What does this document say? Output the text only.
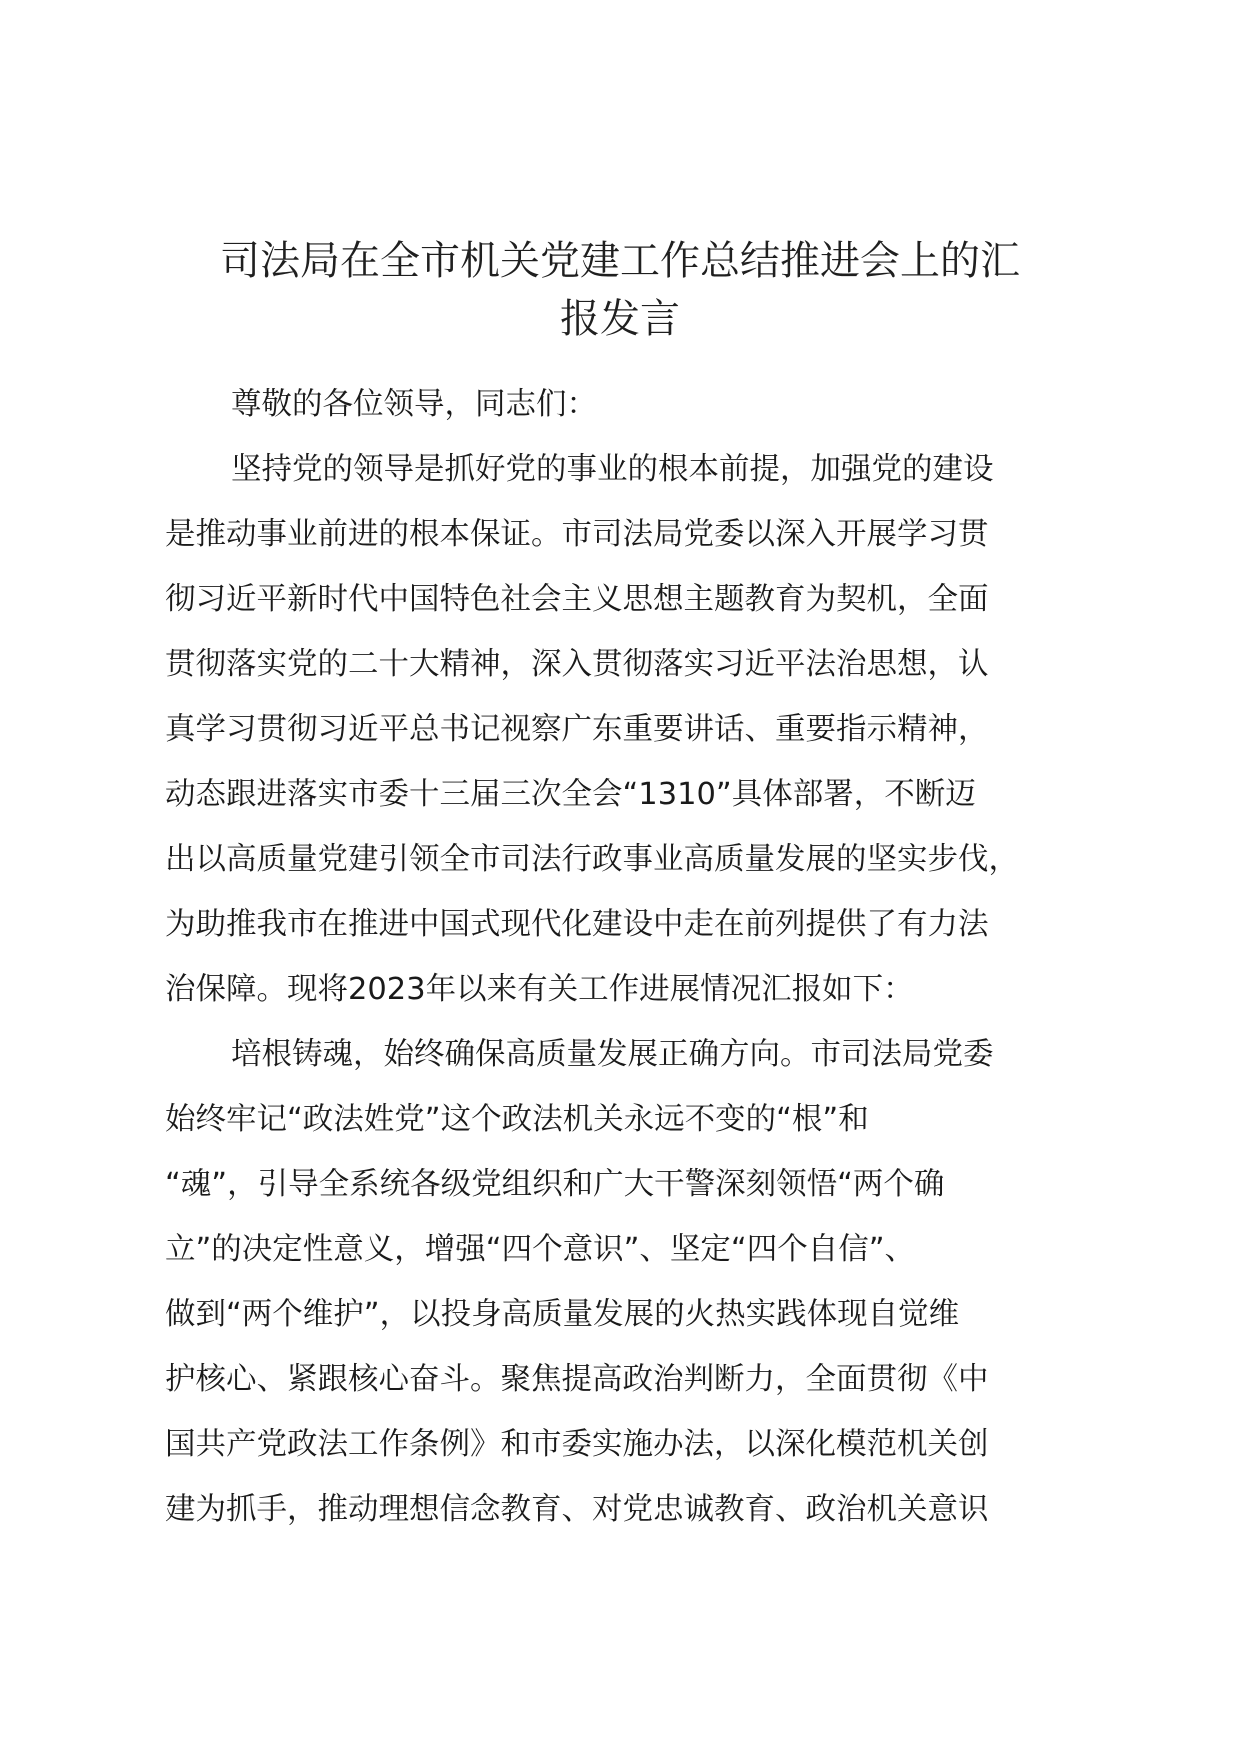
司法局在全市机关党建工作总结推进会上的汇
报发言
尊敬的各位领导，同志们：
坚持党的领导是抓好党的事业的根本前提，加强党的建设
是推动事业前进的根本保证。市司法局党委以深入开展学习贯
彻习近平新时代中国特色社会主义思想主题教育为契机，全面
贯彻落实党的二十大精神，深入贯彻落实习近平法治思想，认
真学习贯彻习近平总书记视察广东重要讲话、重要指示精神，
动态跟进落实市委十三届三次全会“1310”具体部署，不断迈
出以高质量党建引领全市司法行政事业高质量发展的坚实步伐，
为助推我市在推进中国式现代化建设中走在前列提供了有力法
治保障。现将2023年以来有关工作进展情况汇报如下：
培根铸魂，始终确保高质量发展正确方向。市司法局党委
始终牢记“政法姓党”这个政法机关永远不变的“根”和
“魂”，引导全系统各级党组织和广大干警深刻领悟“两个确
立”的决定性意义，增强“四个意识”、坚定“四个自信”、
做到“两个维护”，以投身高质量发展的火热实践体现自觉维
护核心、紧跟核心奋斗。聚焦提高政治判断力，全面贯彻《中
国共产党政法工作条例》和市委实施办法，以深化模范机关创
建为抓手，推动理想信念教育、对党忠诚教育、政治机关意识
